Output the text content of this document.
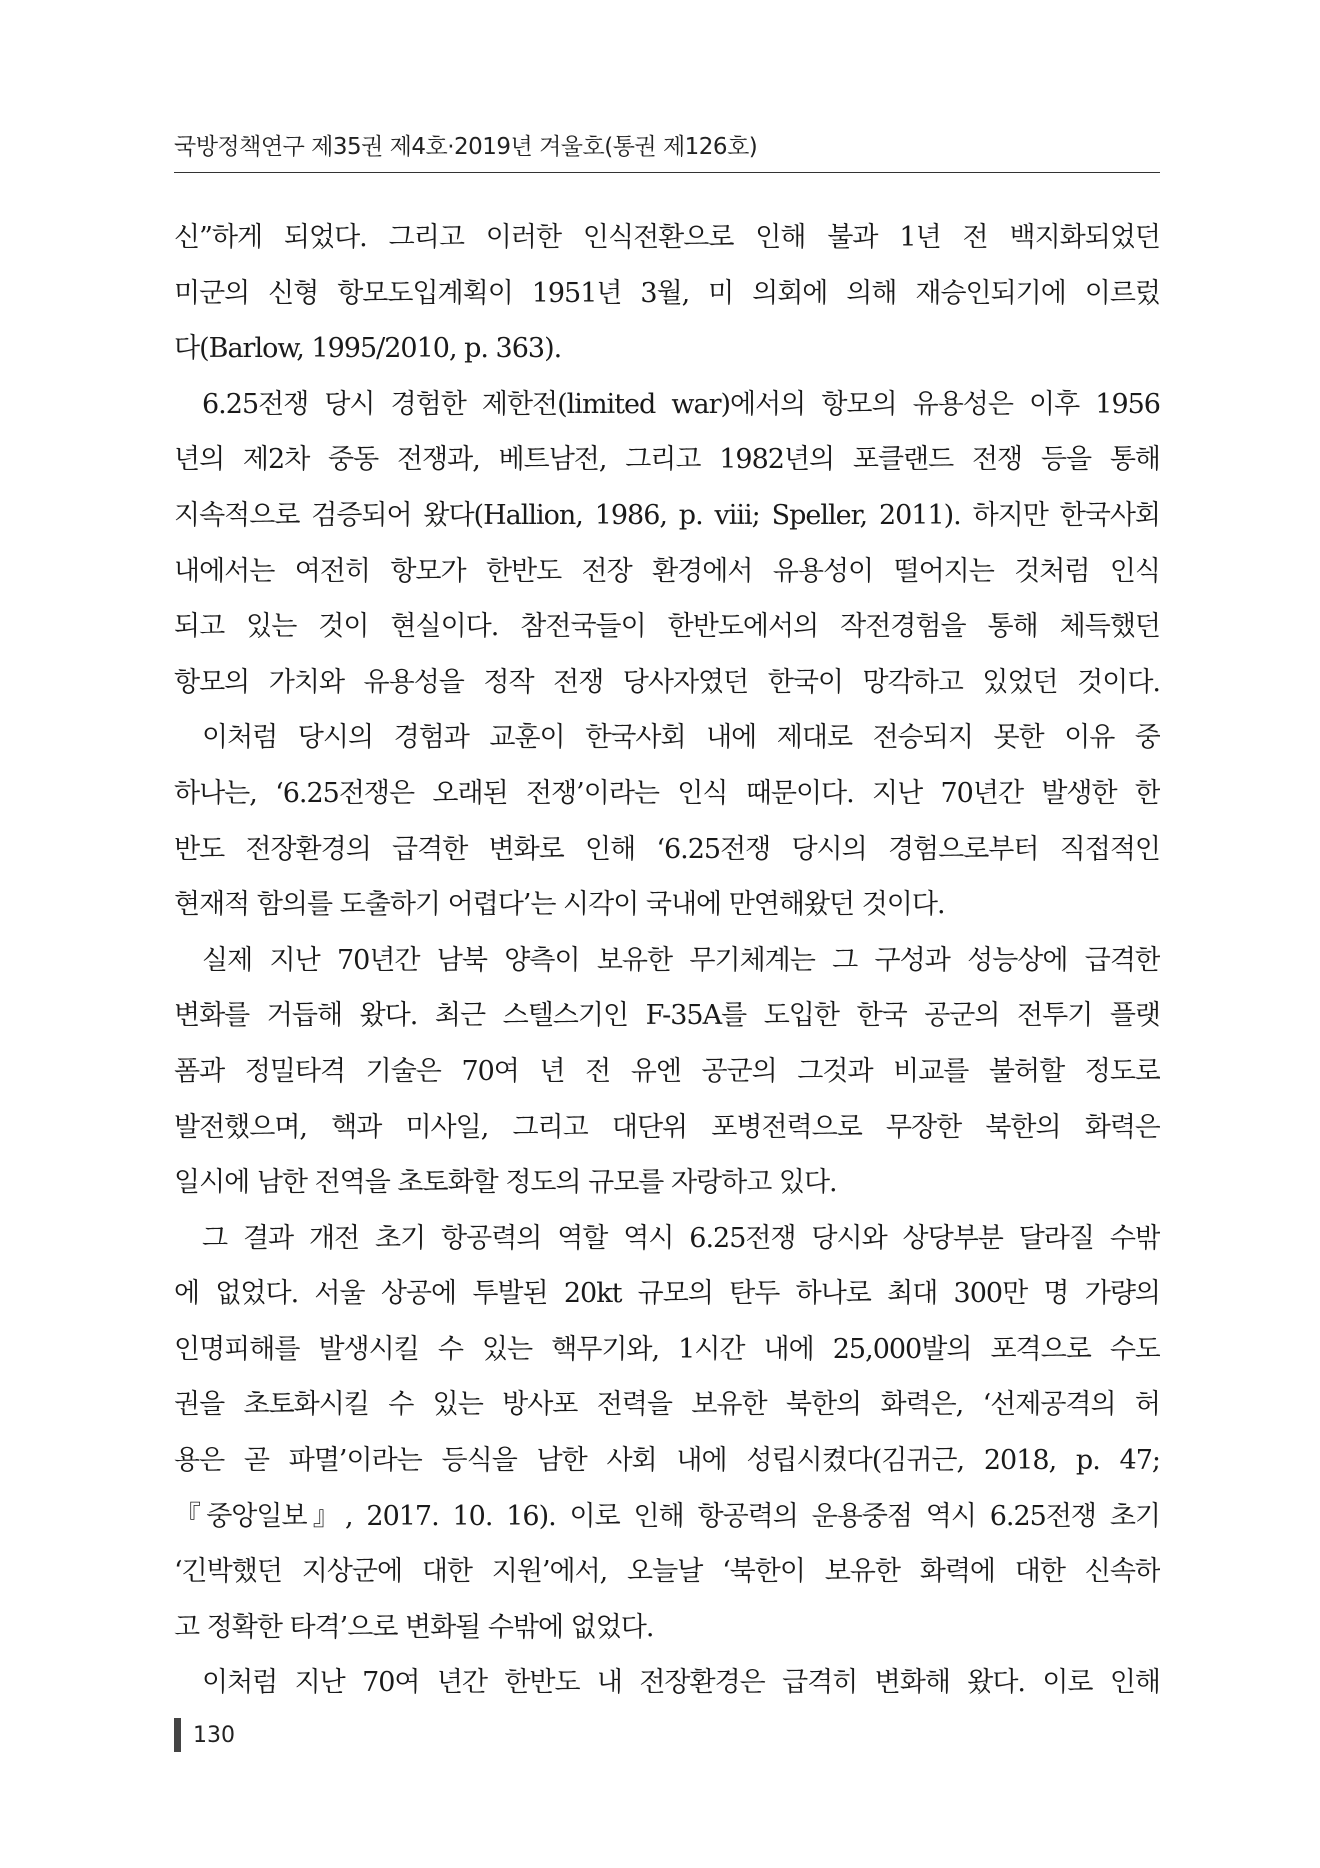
국방정책연구 제35권 제4호·2019년 겨울호(통권 제126호)
신”하게 되었다. 그리고 이러한 인식전환으로 인해 불과 1년 전 백지화되었던
미군의 신형 항모도입계획이 1951년 3월, 미 의회에 의해 재승인되기에 이르렀
다(Barlow, 1995/2010, p. 363).
6.25전쟁 당시 경험한 제한전(limited war)에서의 항모의 유용성은 이후 1956
년의 제2차 중동 전쟁과, 베트남전, 그리고 1982년의 포클랜드 전쟁 등을 통해
지속적으로 검증되어 왔다(Hallion, 1986, p. viii; Speller, 2011). 하지만 한국사회
내에서는 여전히 항모가 한반도 전장 환경에서 유용성이 떨어지는 것처럼 인식
되고 있는 것이 현실이다. 참전국들이 한반도에서의 작전경험을 통해 체득했던
항모의 가치와 유용성을 정작 전쟁 당사자였던 한국이 망각하고 있었던 것이다.
이처럼 당시의 경험과 교훈이 한국사회 내에 제대로 전승되지 못한 이유 중
하나는, ‘6.25전쟁은 오래된 전쟁’이라는 인식 때문이다. 지난 70년간 발생한 한
반도 전장환경의 급격한 변화로 인해 ‘6.25전쟁 당시의 경험으로부터 직접적인
현재적 함의를 도출하기 어렵다’는 시각이 국내에 만연해왔던 것이다.
실제 지난 70년간 남북 양측이 보유한 무기체계는 그 구성과 성능상에 급격한
변화를 거듭해 왔다. 최근 스텔스기인 F-35A를 도입한 한국 공군의 전투기 플랫
폼과 정밀타격 기술은 70여 년 전 유엔 공군의 그것과 비교를 불허할 정도로
발전했으며, 핵과 미사일, 그리고 대단위 포병전력으로 무장한 북한의 화력은
일시에 남한 전역을 초토화할 정도의 규모를 자랑하고 있다.
그 결과 개전 초기 항공력의 역할 역시 6.25전쟁 당시와 상당부분 달라질 수밖
에 없었다. 서울 상공에 투발된 20kt 규모의 탄두 하나로 최대 300만 명 가량의
인명피해를 발생시킬 수 있는 핵무기와, 1시간 내에 25,000발의 포격으로 수도
권을 초토화시킬 수 있는 방사포 전력을 보유한 북한의 화력은, ‘선제공격의 허
용은 곧 파멸’이라는 등식을 남한 사회 내에 성립시켰다(김귀근, 2018, p. 47;
『중앙일보』, 2017. 10. 16). 이로 인해 항공력의 운용중점 역시 6.25전쟁 초기
‘긴박했던 지상군에 대한 지원’에서, 오늘날 ‘북한이 보유한 화력에 대한 신속하
고 정확한 타격’으로 변화될 수밖에 없었다.
이처럼 지난 70여 년간 한반도 내 전장환경은 급격히 변화해 왔다. 이로 인해
130
